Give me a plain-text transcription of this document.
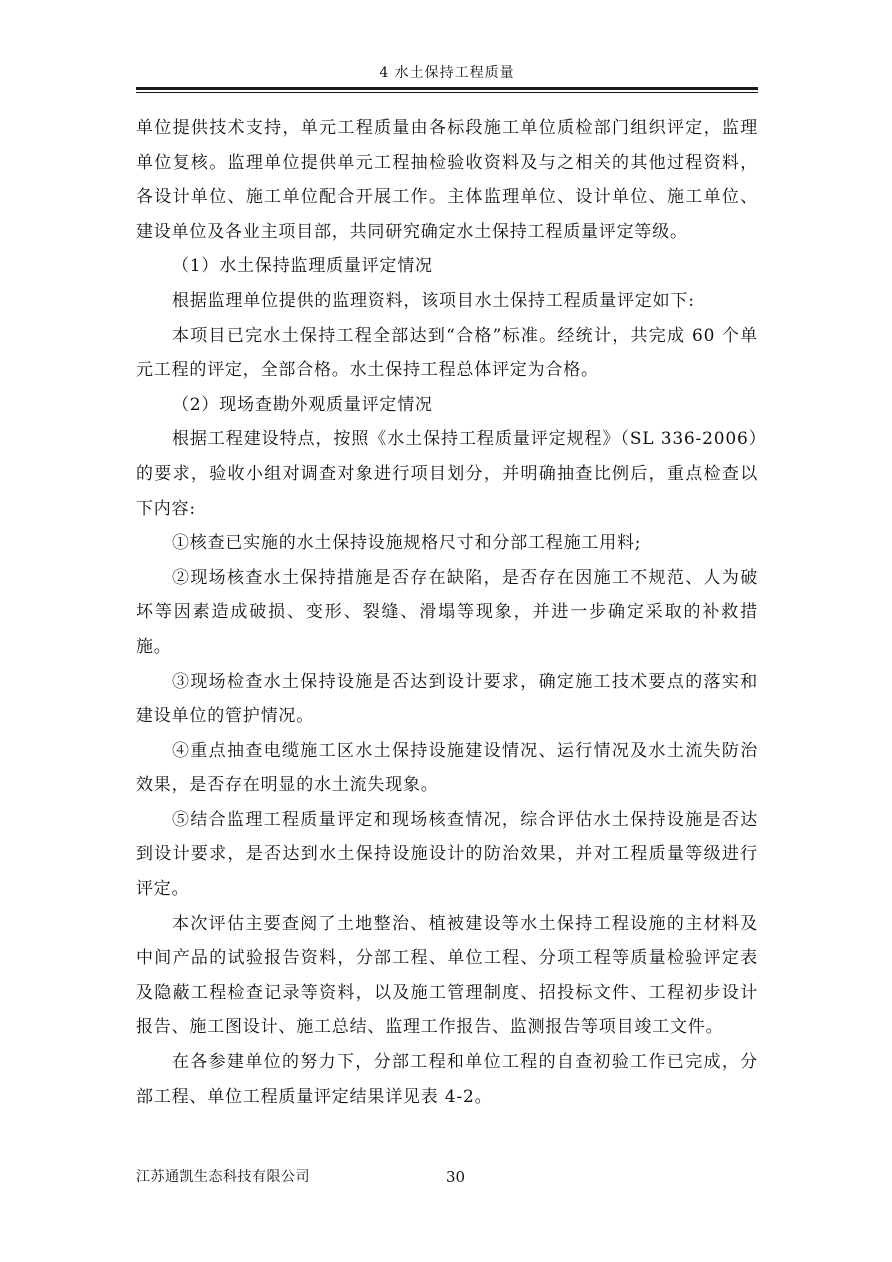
4 水土保持工程质量

单位提供技术支持，单元工程质量由各标段施工单位质检部门组织评定，监理单位复核。监理单位提供单元工程抽检验收资料及与之相关的其他过程资料，各设计单位、施工单位配合开展工作。主体监理单位、设计单位、施工单位、建设单位及各业主项目部，共同研究确定水土保持工程质量评定等级。

（1）水土保持监理质量评定情况

根据监理单位提供的监理资料，该项目水土保持工程质量评定如下:

本项目已完水土保持工程全部达到“合格”标准。经统计，共完成 60 个单元工程的评定，全部合格。水土保持工程总体评定为合格。

（2）现场查勘外观质量评定情况

根据工程建设特点，按照《水土保持工程质量评定规程》（SL 336-2006）的要求，验收小组对调查对象进行项目划分，并明确抽查比例后，重点检查以下内容:

①核查已实施的水土保持设施规格尺寸和分部工程施工用料;

②现场核查水土保持措施是否存在缺陷，是否存在因施工不规范、人为破坏等因素造成破损、变形、裂缝、滑塌等现象，并进一步确定采取的补救措施。

③现场检查水土保持设施是否达到设计要求，确定施工技术要点的落实和建设单位的管护情况。

④重点抽查电缆施工区水土保持设施建设情况、运行情况及水土流失防治效果，是否存在明显的水土流失现象。

⑤结合监理工程质量评定和现场核查情况，综合评估水土保持设施是否达到设计要求，是否达到水土保持设施设计的防治效果，并对工程质量等级进行评定。

本次评估主要查阅了土地整治、植被建设等水土保持工程设施的主材料及中间产品的试验报告资料，分部工程、单位工程、分项工程等质量检验评定表及隐蔽工程检查记录等资料，以及施工管理制度、招投标文件、工程初步设计报告、施工图设计、施工总结、监理工作报告、监测报告等项目竣工文件。

在各参建单位的努力下，分部工程和单位工程的自查初验工作已完成，分部工程、单位工程质量评定结果详见表 4-2。

江苏通凯生态科技有限公司	30
